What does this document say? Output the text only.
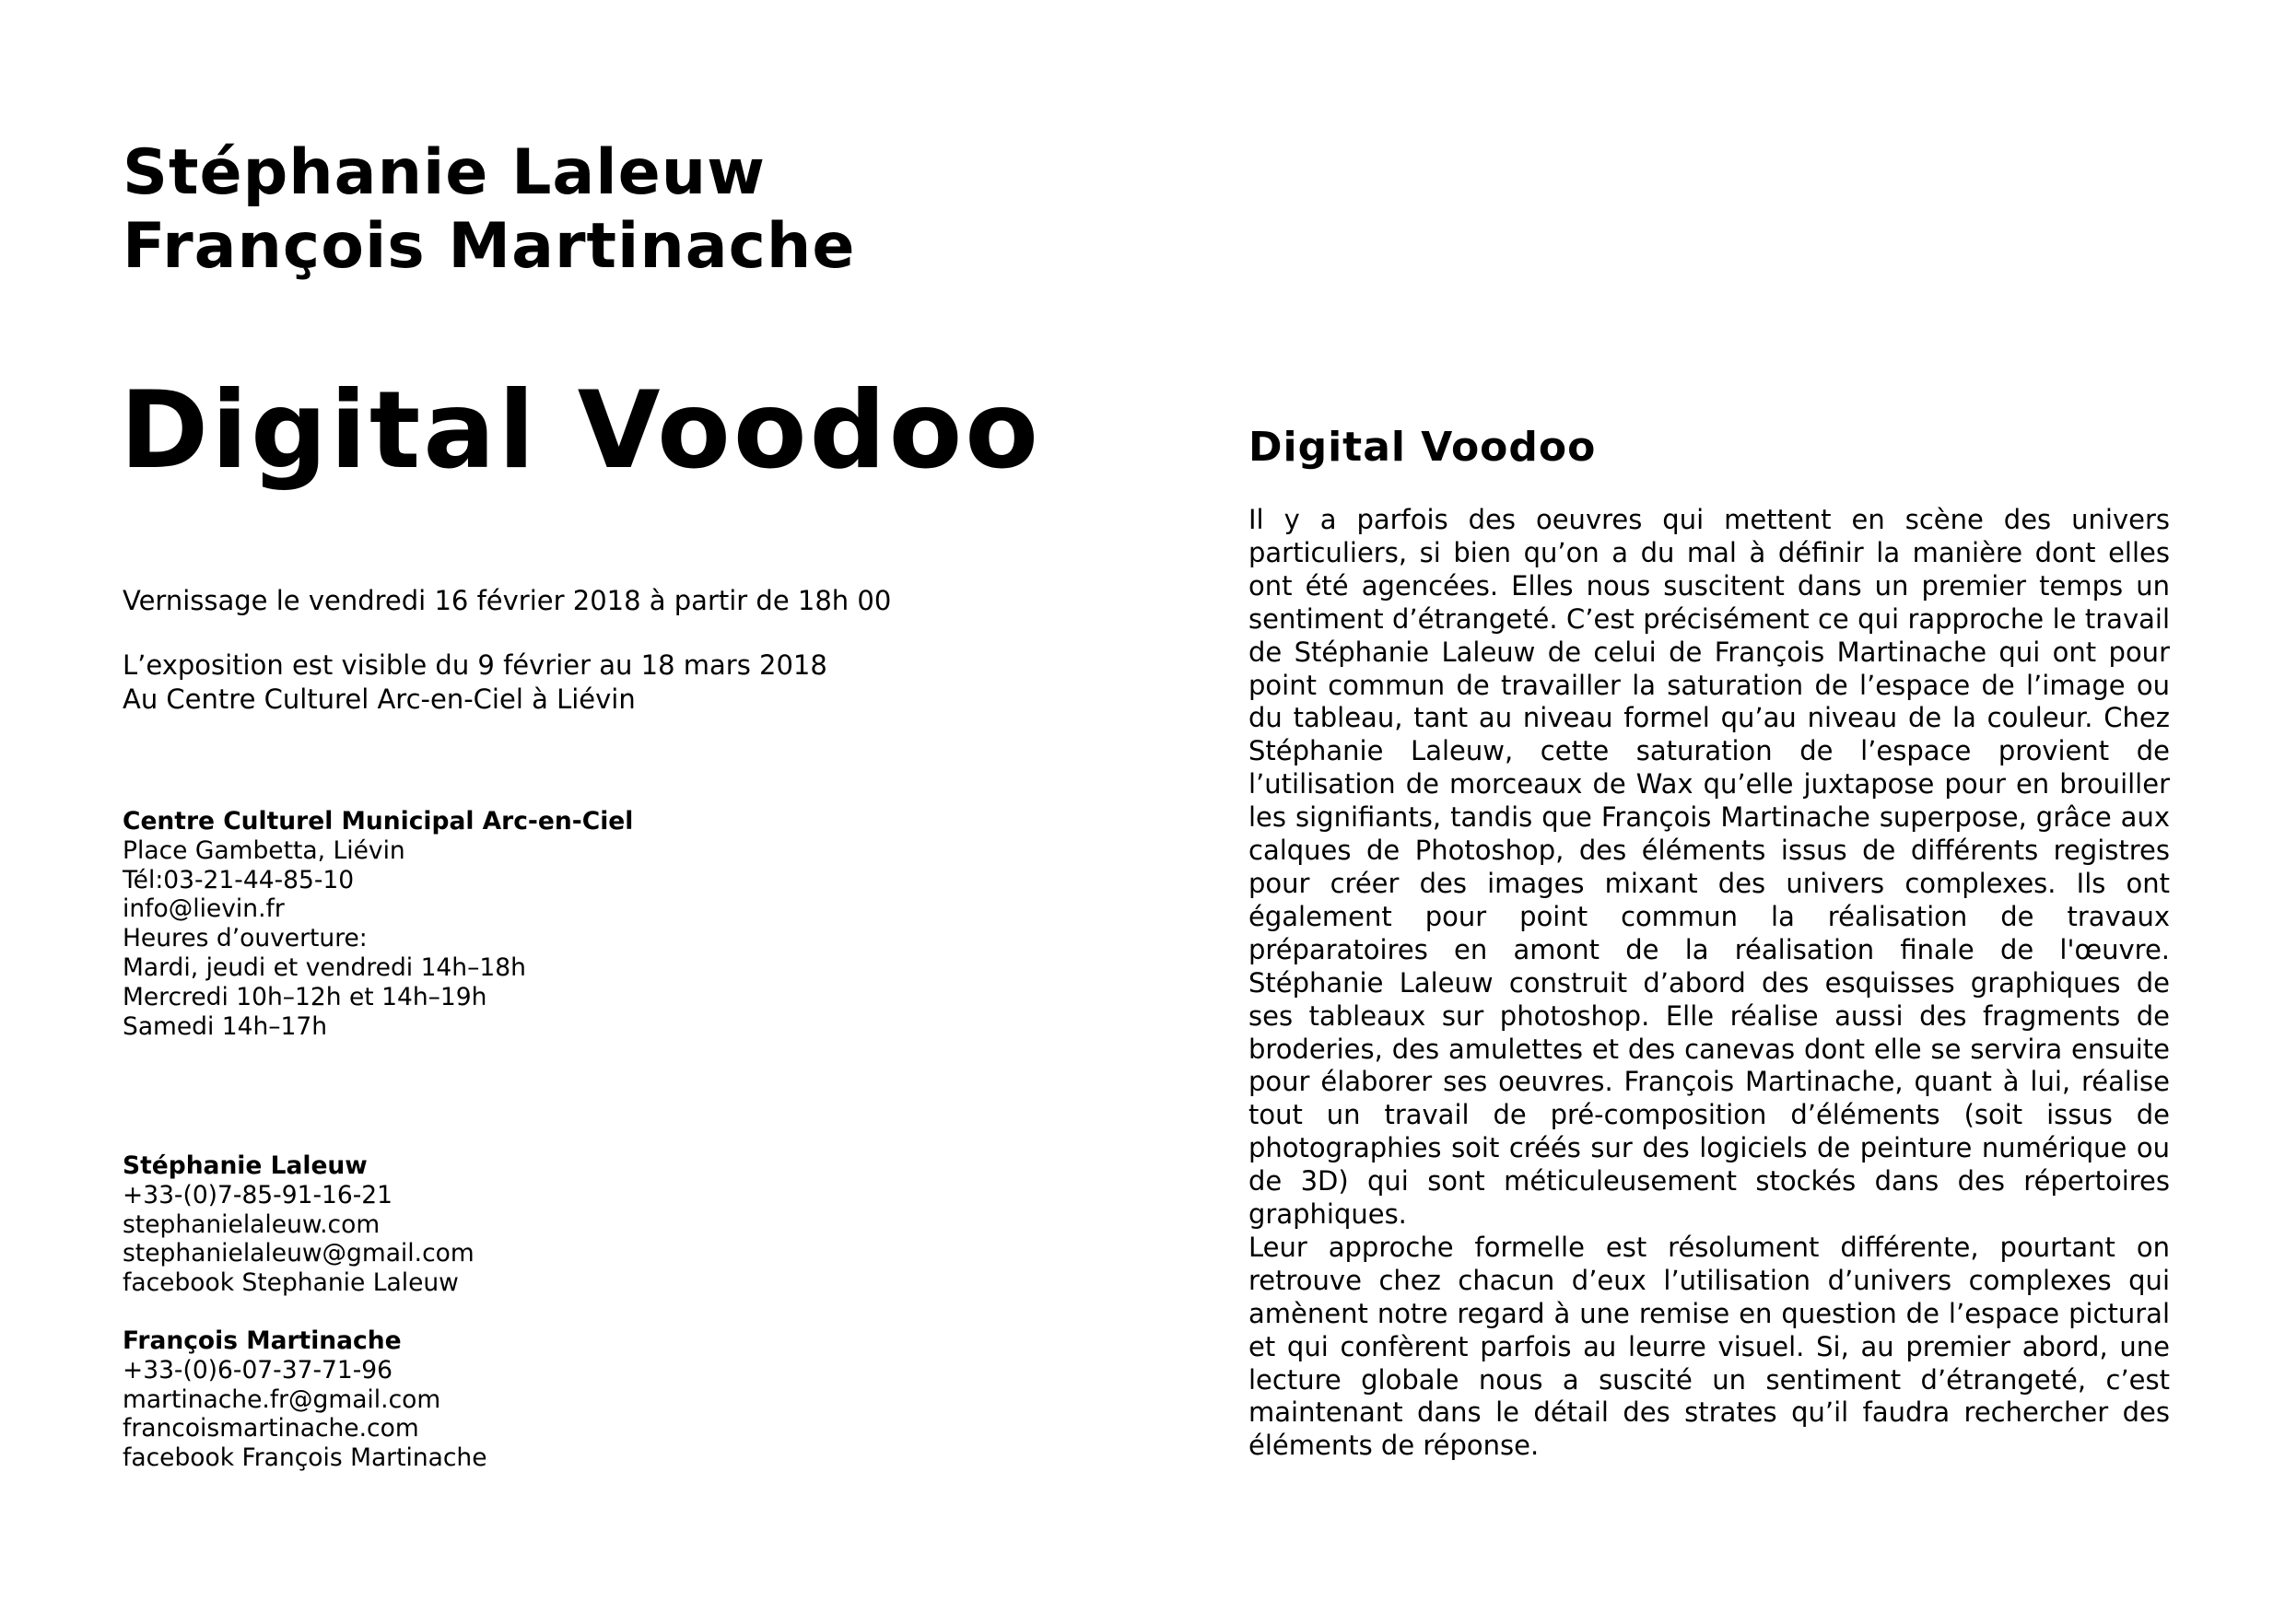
Stéphanie Laleuw
François Martinache
Digital Voodoo
Vernissage le vendredi 16 février 2018 à partir de 18h 00
L’exposition est visible du 9 février au 18 mars 2018
Au Centre Culturel Arc-en-Ciel à Liévin
Centre Culturel Municipal Arc-en-Ciel
Place Gambetta, Liévin
Tél:03-21-44-85-10
info@lievin.fr
Heures d’ouverture:
Mardi, jeudi et vendredi 14h–18h
Mercredi 10h–12h et 14h–19h
Samedi 14h–17h
Stéphanie Laleuw
+33-(0)7-85-91-16-21
stephanielaleuw.com
stephanielaleuw@gmail.com
facebook Stephanie Laleuw
François Martinache
+33-(0)6-07-37-71-96
martinache.fr@gmail.com
francoismartinache.com
facebook François Martinache
Digital Voodoo

Il y a parfois des oeuvres qui mettent en scène des univers particuliers, si bien qu’on a du mal à définir la manière dont elles ont été agencées. Elles nous suscitent dans un premier temps un sentiment d’étrangeté. C’est précisément ce qui rapproche le travail de Stéphanie Laleuw de celui de François Martinache qui ont pour point commun de travailler la saturation de l’espace de l’image ou du tableau, tant au niveau formel qu’au niveau de la couleur. Chez Stéphanie Laleuw, cette saturation de l’espace provient de l’utilisation de morceaux de Wax qu’elle juxtapose pour en brouiller les signifiants, tandis que François Martinache superpose, grâce aux calques de Photoshop, des éléments issus de différents registres pour créer des images mixant des univers complexes. Ils ont également pour point commun la réalisation de travaux préparatoires en amont de la réalisation finale de l'œuvre. Stéphanie Laleuw construit d’abord des esquisses graphiques de ses tableaux sur photoshop. Elle réalise aussi des fragments de broderies, des amulettes et des canevas dont elle se servira ensuite pour élaborer ses oeuvres. François Martinache, quant à lui, réalise tout un travail de pré-composition d’éléments (soit issus de photographies soit créés sur des logiciels de peinture numérique ou de 3D) qui sont méticuleusement stockés dans des répertoires graphiques.

Leur approche formelle est résolument différente, pourtant on retrouve chez chacun d’eux l’utilisation d’univers complexes qui amènent notre regard à une remise en question de l’espace pictural et qui confèrent parfois au leurre visuel. Si, au premier abord, une lecture globale nous a suscité un sentiment d’étrangeté, c’est maintenant dans le détail des strates qu’il faudra rechercher des éléments de réponse.
